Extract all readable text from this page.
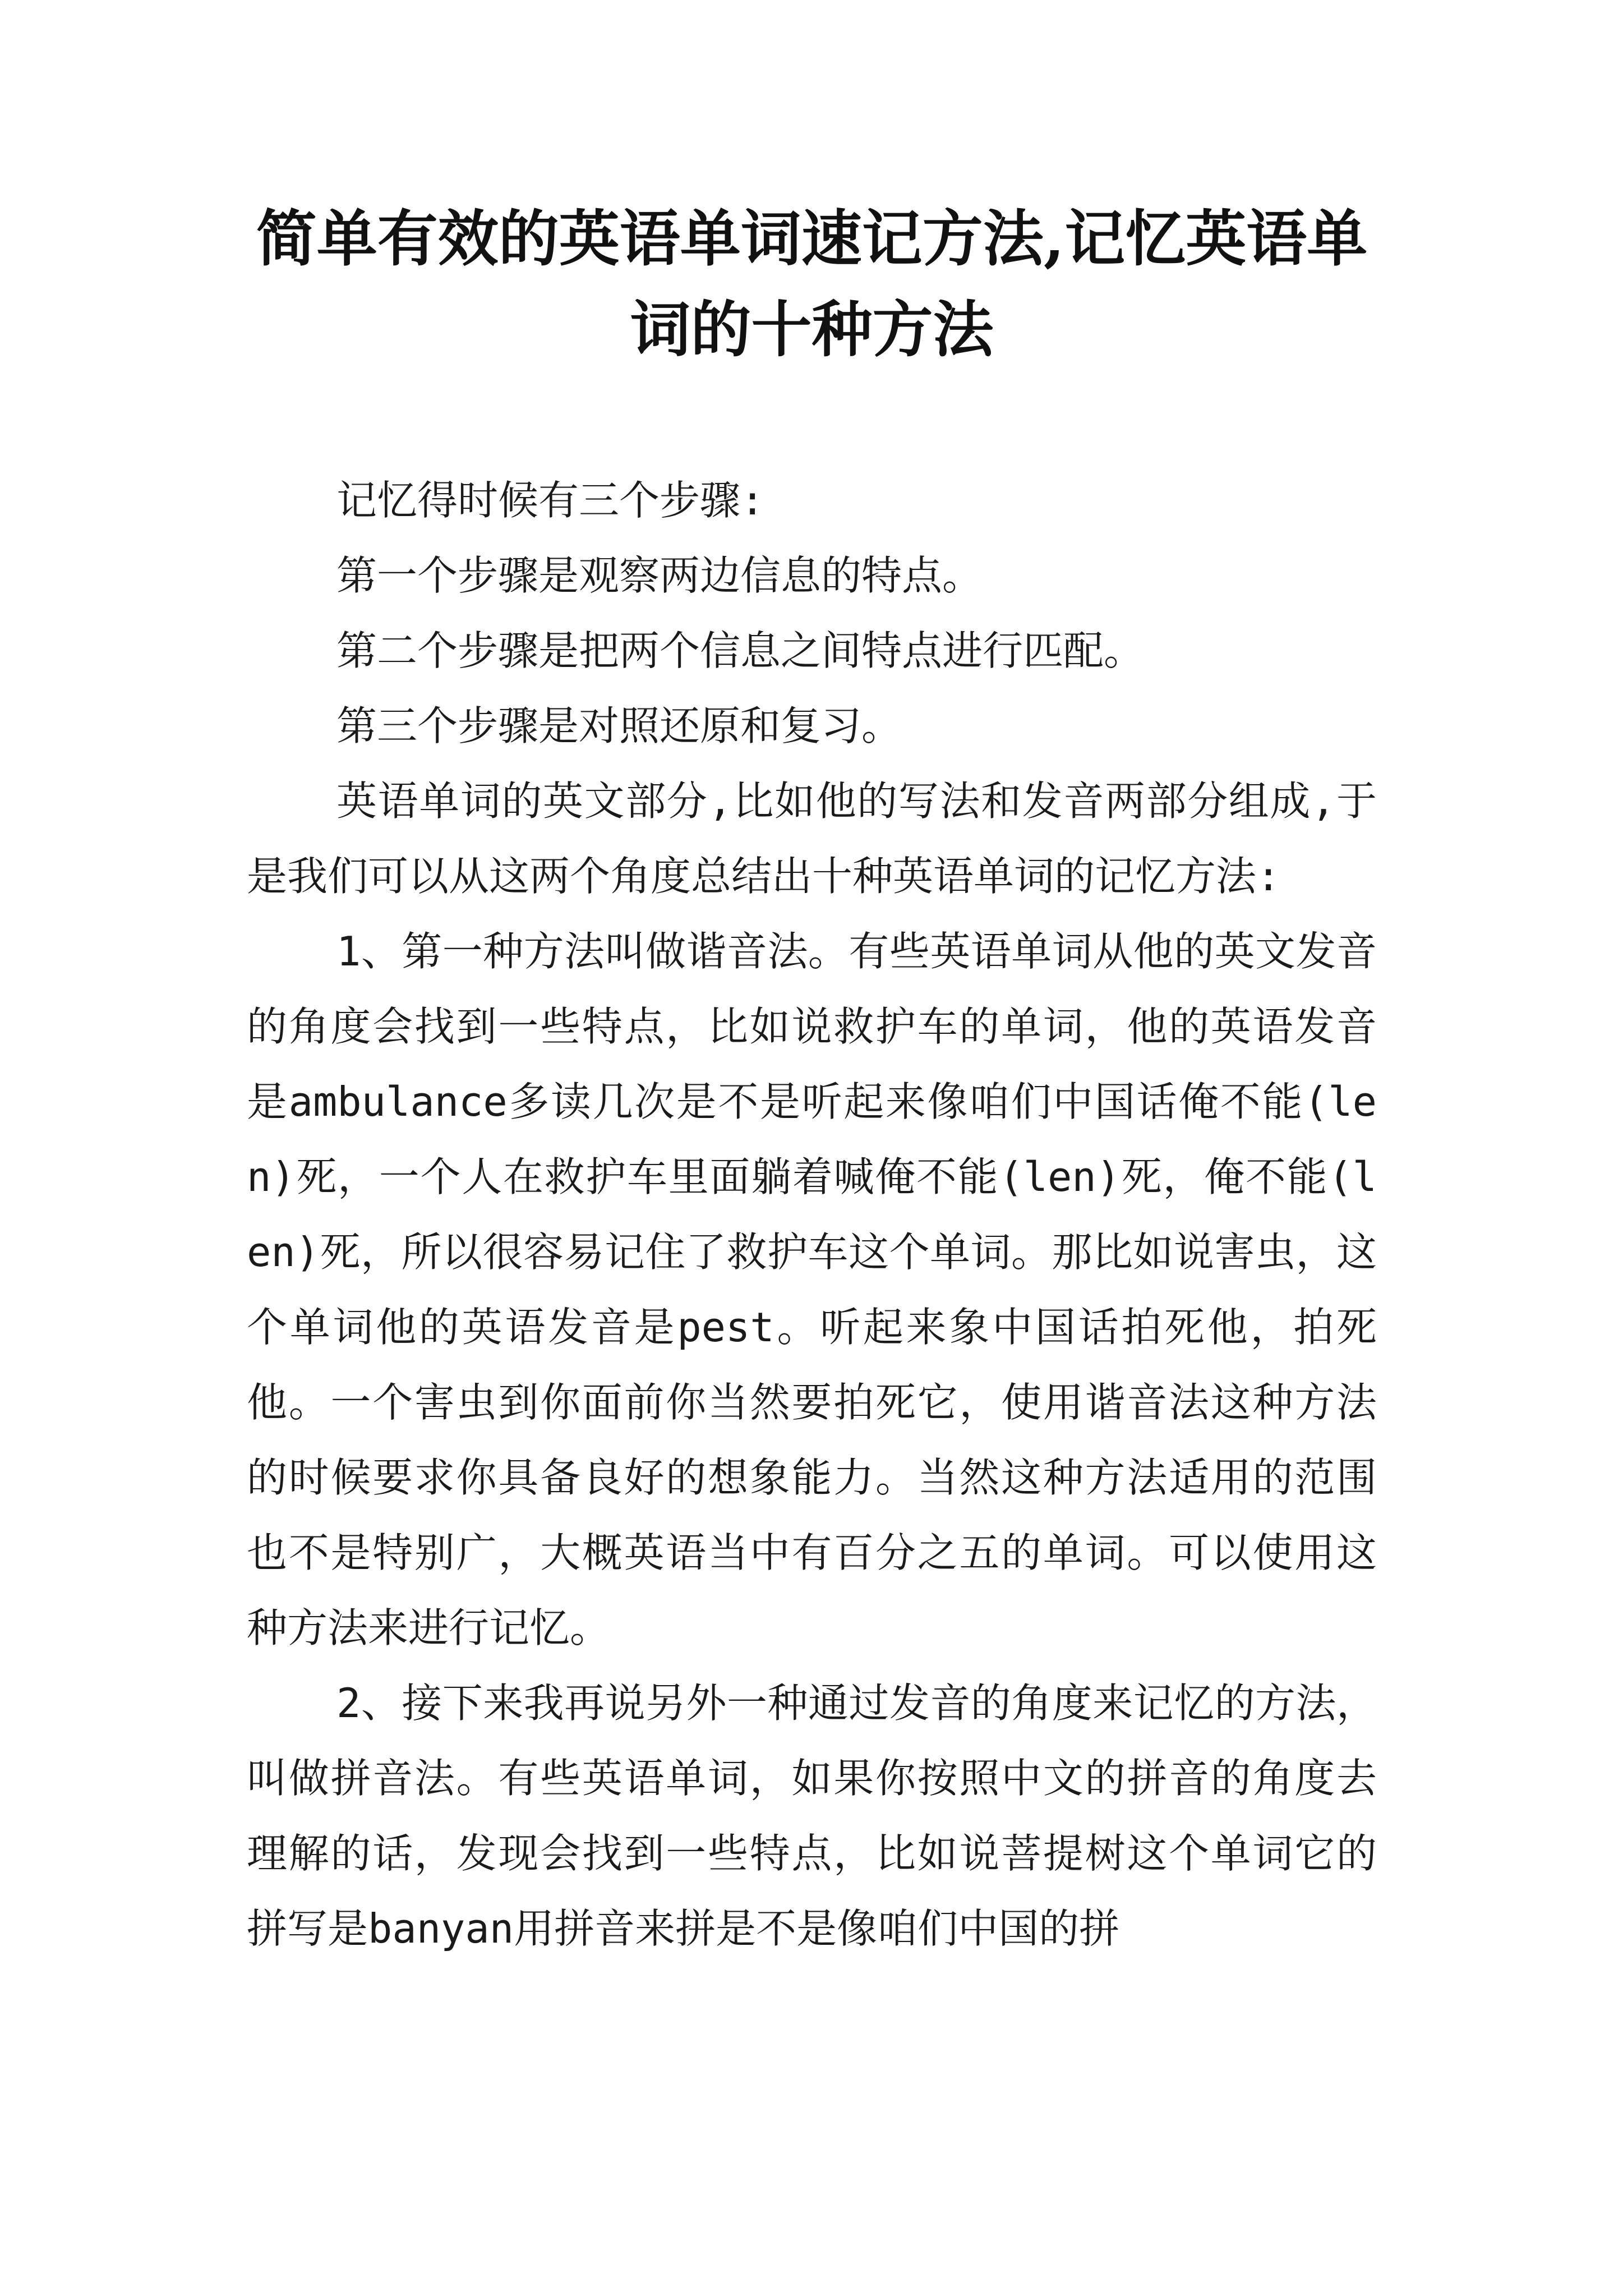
简单有效的英语单词速记方法,记忆英语单词的十种方法

记忆得时候有三个步骤:

第一个步骤是观察两边信息的特点。

第二个步骤是把两个信息之间特点进行匹配。

第三个步骤是对照还原和复习。

英语单词的英文部分,比如他的写法和发音两部分组成,于是我们可以从这两个角度总结出十种英语单词的记忆方法:

1、第一种方法叫做谐音法。有些英语单词从他的英文发音的角度会找到一些特点，比如说救护车的单词，他的英语发音是ambulance多读几次是不是听起来像咱们中国话俺不能(len)死，一个人在救护车里面躺着喊俺不能(len)死，俺不能(len)死，所以很容易记住了救护车这个单词。那比如说害虫，这个单词他的英语发音是pest。听起来象中国话拍死他，拍死他。一个害虫到你面前你当然要拍死它，使用谐音法这种方法的时候要求你具备良好的想象能力。当然这种方法适用的范围也不是特别广，大概英语当中有百分之五的单词。可以使用这种方法来进行记忆。

2、接下来我再说另外一种通过发音的角度来记忆的方法，叫做拼音法。有些英语单词，如果你按照中文的拼音的角度去理解的话，发现会找到一些特点，比如说菩提树这个单词它的拼写是banyan用拼音来拼是不是像咱们中国的拼
